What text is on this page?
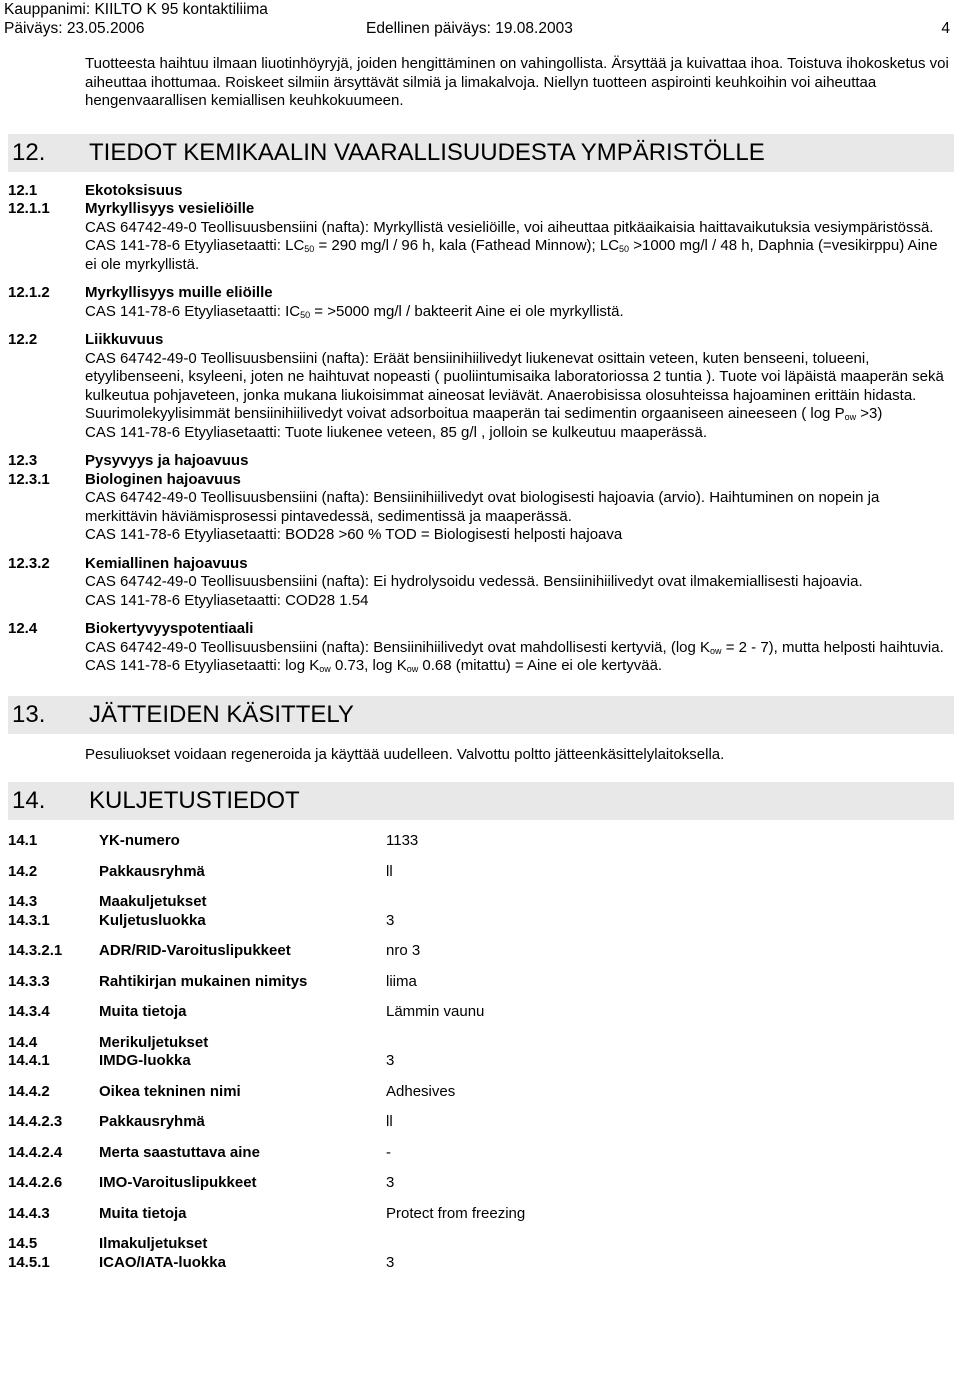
Kauppanimi: KIILTO K 95 kontaktiliima
Päiväys: 23.05.2006	Edellinen päiväys: 19.08.2003	4

Tuotteesta haihtuu ilmaan liuotinhöyryjä, joiden hengittäminen on vahingollista. Ärsyttää ja kuivattaa ihoa. Toistuva ihokosketus voi aiheuttaa ihottumaa. Roiskeet silmiin ärsyttävät silmiä ja limakalvoja. Niellyn tuotteen aspirointi keuhkoihin voi aiheuttaa hengenvaarallisen kemiallisen keuhkokuumeen.

12.	TIEDOT KEMIKAALIN VAARALLISUUDESTA YMPÄRISTÖLLE
12.1	Ekotoksisuus
12.1.1	Myrkyllisyys vesieliöille

CAS 64742-49-0 Teollisuusbensiini (nafta): Myrkyllistä vesieliöille, voi aiheuttaa pitkäaikaisia haittavaikutuksia vesiympäristössä.

CAS 141-78-6 Etyyliasetaatti: $LC_{50} = 290$ mg/l / 96 h, kala (Fathead Minnow); $LC_{50} >1000$ mg/l / 48 h, Daphnia (=vesikirppu) Aine ei ole myrkyllistä.

12.1.2	Myrkyllisyys muille eliöille

CAS 141-78-6 Etyyliasetaatti: $IC_{50} = >5000$ mg/l / bakteerit Aine ei ole myrkyllistä.

12.2	Liikkuvuus

CAS 64742-49-0 Teollisuusbensiini (nafta): Eräät bensiinihiilivedyt liukenevat osittain veteen, kuten benseeni, tolueeni, etyylibenseeni, ksyleeni, joten ne haihtuvat nopeasti ( puoliintumisaika laboratoriossa 2 tuntia ). Tuote voi läpäistä maaperän sekä kulkeutua pohjaveteen, jonka mukana liukoisimmat aineosat leviävät. Anaerobisissa olosuhteissa hajoaminen erittäin hidasta. Suurimolekyylisimmät bensiinihiilivedyt voivat adsorboitua maaperän tai sedimentin orgaaniseen aineeseen ( $\log P_{ow} >3$)

CAS 141-78-6 Etyyliasetaatti: Tuote liukenee veteen, 85 g/l , jolloin se kulkeutuu maaperässä.

12.3	Pysyvyys ja hajoavuus
12.3.1	Biologinen hajoavuus

CAS 64742-49-0 Teollisuusbensiini (nafta): Bensiinihiilivedyt ovat biologisesti hajoavia (arvio). Haihtuminen on nopein ja merkittävin häviämisprosessi pintavedessä, sedimentissä ja maaperässä.

CAS 141-78-6 Etyyliasetaatti: BOD28 >60 % TOD = Biologisesti helposti hajoava

12.3.2	Kemiallinen hajoavuus

CAS 64742-49-0 Teollisuusbensiini (nafta): Ei hydrolysoidu vedessä. Bensiinihiilivedyt ovat ilmakemiallisesti hajoavia.

CAS 141-78-6 Etyyliasetaatti: COD28 1.54

12.4	Biokertyvyyspotentiaali

CAS 64742-49-0 Teollisuusbensiini (nafta): Bensiinihiilivedyt ovat mahdollisesti kertyviä, (log $K_{ow} = 2 - 7$), mutta helposti haihtuvia.

CAS 141-78-6 Etyyliasetaatti: $\log K_{ow}$ 0.73, $\log K_{ow}$ 0.68 (mitattu) = Aine ei ole kertyvää.

13.	JÄTTEIDEN KÄSITTELY
Pesuliuokset voidaan regeneroida ja käyttää uudelleen. Valvottu poltto jätteenkäsittelylaitoksella.
14.	KULJETUSTIEDOT
14.1	YK-numero	1133
14.2	Pakkausryhmä	ll
14.3	Maakuljetukset
14.3.1	Kuljetusluokka	3
14.3.2.1	ADR/RID-Varoituslipukkeet	nro 3
14.3.3	Rahtikirjan mukainen nimitys	liima
14.3.4	Muita tietoja	Lämmin vaunu
14.4	Merikuljetukset
14.4.1	IMDG-luokka	3
14.4.2	Oikea tekninen nimi	Adhesives
14.4.2.3	Pakkausryhmä	ll
14.4.2.4	Merta saastuttava aine	-
14.4.2.6	IMO-Varoituslipukkeet	3
14.4.3	Muita tietoja	Protect from freezing
14.5	Ilmakuljetukset
14.5.1	ICAO/IATA-luokka	3
